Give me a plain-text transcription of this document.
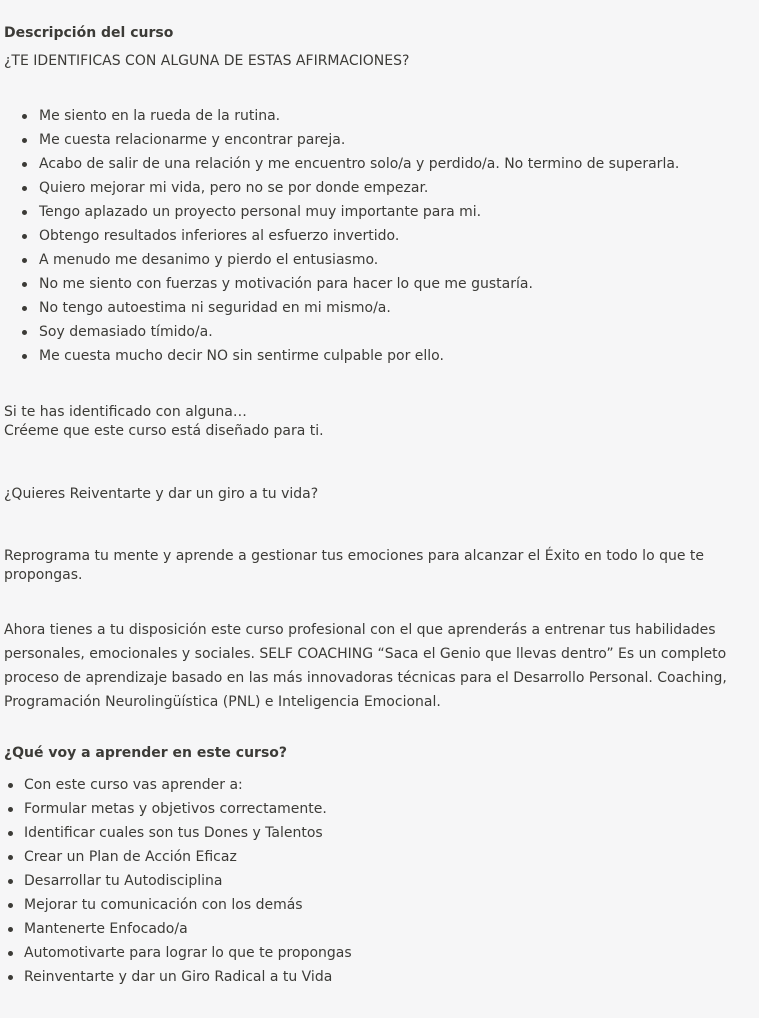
Descripción del curso
¿TE IDENTIFICAS CON ALGUNA DE ESTAS AFIRMACIONES?
Me siento en la rueda de la rutina.
Me cuesta relacionarme y encontrar pareja.
Acabo de salir de una relación y me encuentro solo/a y perdido/a. No termino de superarla.
Quiero mejorar mi vida, pero no se por donde empezar.
Tengo aplazado un proyecto personal muy importante para mi.
Obtengo resultados inferiores al esfuerzo invertido.
A menudo me desanimo y pierdo el entusiasmo.
No me siento con fuerzas y motivación para hacer lo que me gustaría.
No tengo autoestima ni seguridad en mi mismo/a.
Soy demasiado tímido/a.
Me cuesta mucho decir NO sin sentirme culpable por ello.
Si te has identificado con alguna…
Créeme que este curso está diseñado para ti.
¿Quieres Reiventarte y dar un giro a tu vida?
Reprograma tu mente y aprende a gestionar tus emociones para alcanzar el Éxito en todo lo que te propongas.
Ahora tienes a tu disposición este curso profesional con el que aprenderás a entrenar tus habilidades personales, emocionales y sociales. SELF COACHING “Saca el Genio que llevas dentro” Es un completo proceso de aprendizaje basado en las más innovadoras técnicas para el Desarrollo Personal. Coaching, Programación Neurolingüística (PNL) e Inteligencia Emocional.
¿Qué voy a aprender en este curso?
Con este curso vas aprender a:
Formular metas y objetivos correctamente.
Identificar cuales son tus Dones y Talentos
Crear un Plan de Acción Eficaz
Desarrollar tu Autodisciplina
Mejorar tu comunicación con los demás
Mantenerte Enfocado/a
Automotivarte para lograr lo que te propongas
Reinventarte y dar un Giro Radical a tu Vida
